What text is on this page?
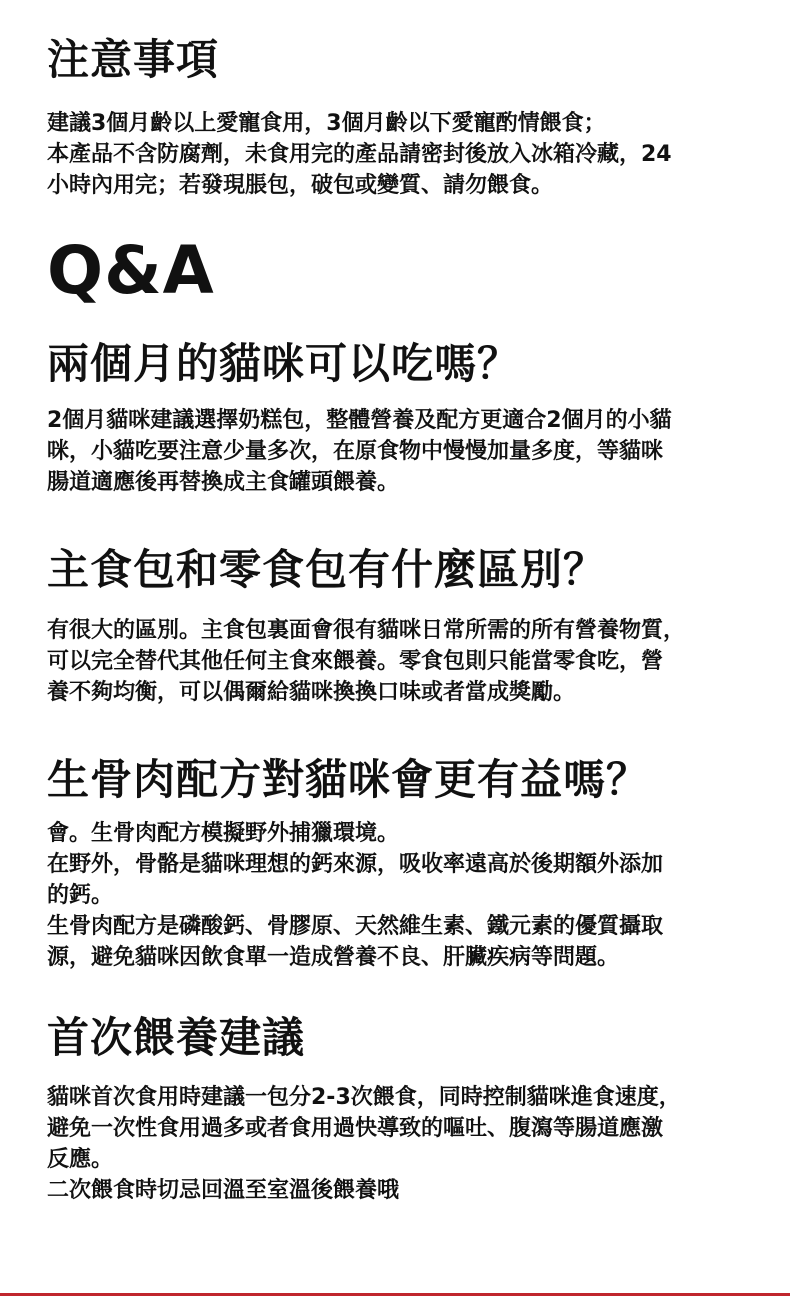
注意事項

建議3個月齡以上愛寵食用，3個月齡以下愛寵酌情餵食；

本產品不含防腐劑，未食用完的產品請密封後放入冰箱冷藏，24

小時內用完；若發現脹包，破包或變質、請勿餵食。

Q&A
兩個月的貓咪可以吃嗎？

2個月貓咪建議選擇奶糕包，整體營養及配方更適合2個月的小貓

咪，小貓吃要注意少量多次，在原食物中慢慢加量多度，等貓咪

腸道適應後再替換成主食罐頭餵養。

主食包和零食包有什麼區別？

有很大的區別。主食包裏面會很有貓咪日常所需的所有營養物質，

可以完全替代其他任何主食來餵養。零食包則只能當零食吃，營

養不夠均衡，可以偶爾給貓咪換換口味或者當成獎勵。

生骨肉配方對貓咪會更有益嗎？

會。生骨肉配方模擬野外捕獵環境。

在野外，骨骼是貓咪理想的鈣來源，吸收率遠高於後期額外添加

的鈣。

生骨肉配方是磷酸鈣、骨膠原、天然維生素、鐵元素的優質攝取

源，避免貓咪因飲食單一造成營養不良、肝臟疾病等問題。

首次餵養建議

貓咪首次食用時建議一包分2-3次餵食，同時控制貓咪進食速度，

避免一次性食用過多或者食用過快導致的嘔吐、腹瀉等腸道應激

反應。

二次餵食時切忌回溫至室溫後餵養哦
